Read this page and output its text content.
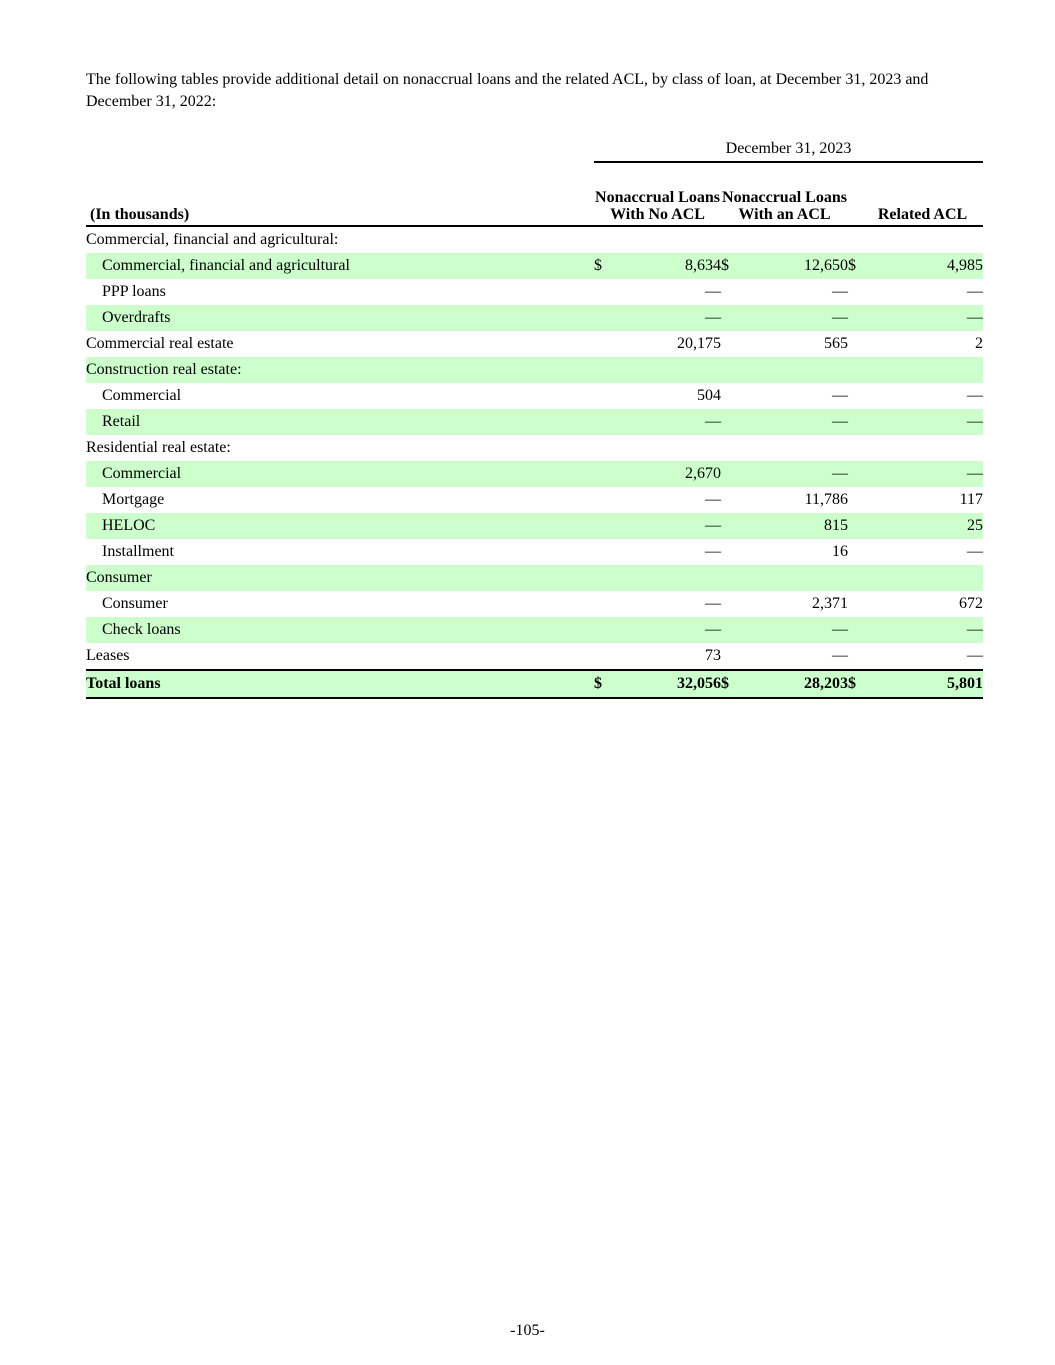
The following tables provide additional detail on nonaccrual loans and the related ACL, by class of loan, at December 31, 2023 and December 31, 2022:

	December 31, 2023					
(In thousands)	Nonaccrual Loans With No ACL		Nonaccrual Loans With an ACL		Related ACL	
Commercial, financial and agricultural:						
Commercial, financial and agricultural	$	8,634	$	12,650	$	4,985
PPP loans		—		—		—
Overdrafts		—		—		—
Commercial real estate		20,175		565		2
Construction real estate:						
Commercial		504		—		—
Retail		—		—		—
Residential real estate:						
Commercial		2,670		—		—
Mortgage		—		11,786		117
HELOC		—		815		25
Installment		—		16		—
Consumer						
Consumer		—		2,371		672
Check loans		—		—		—
Leases		73		—		—
Total loans	$	32,056	$	28,203	$	5,801
-105-
